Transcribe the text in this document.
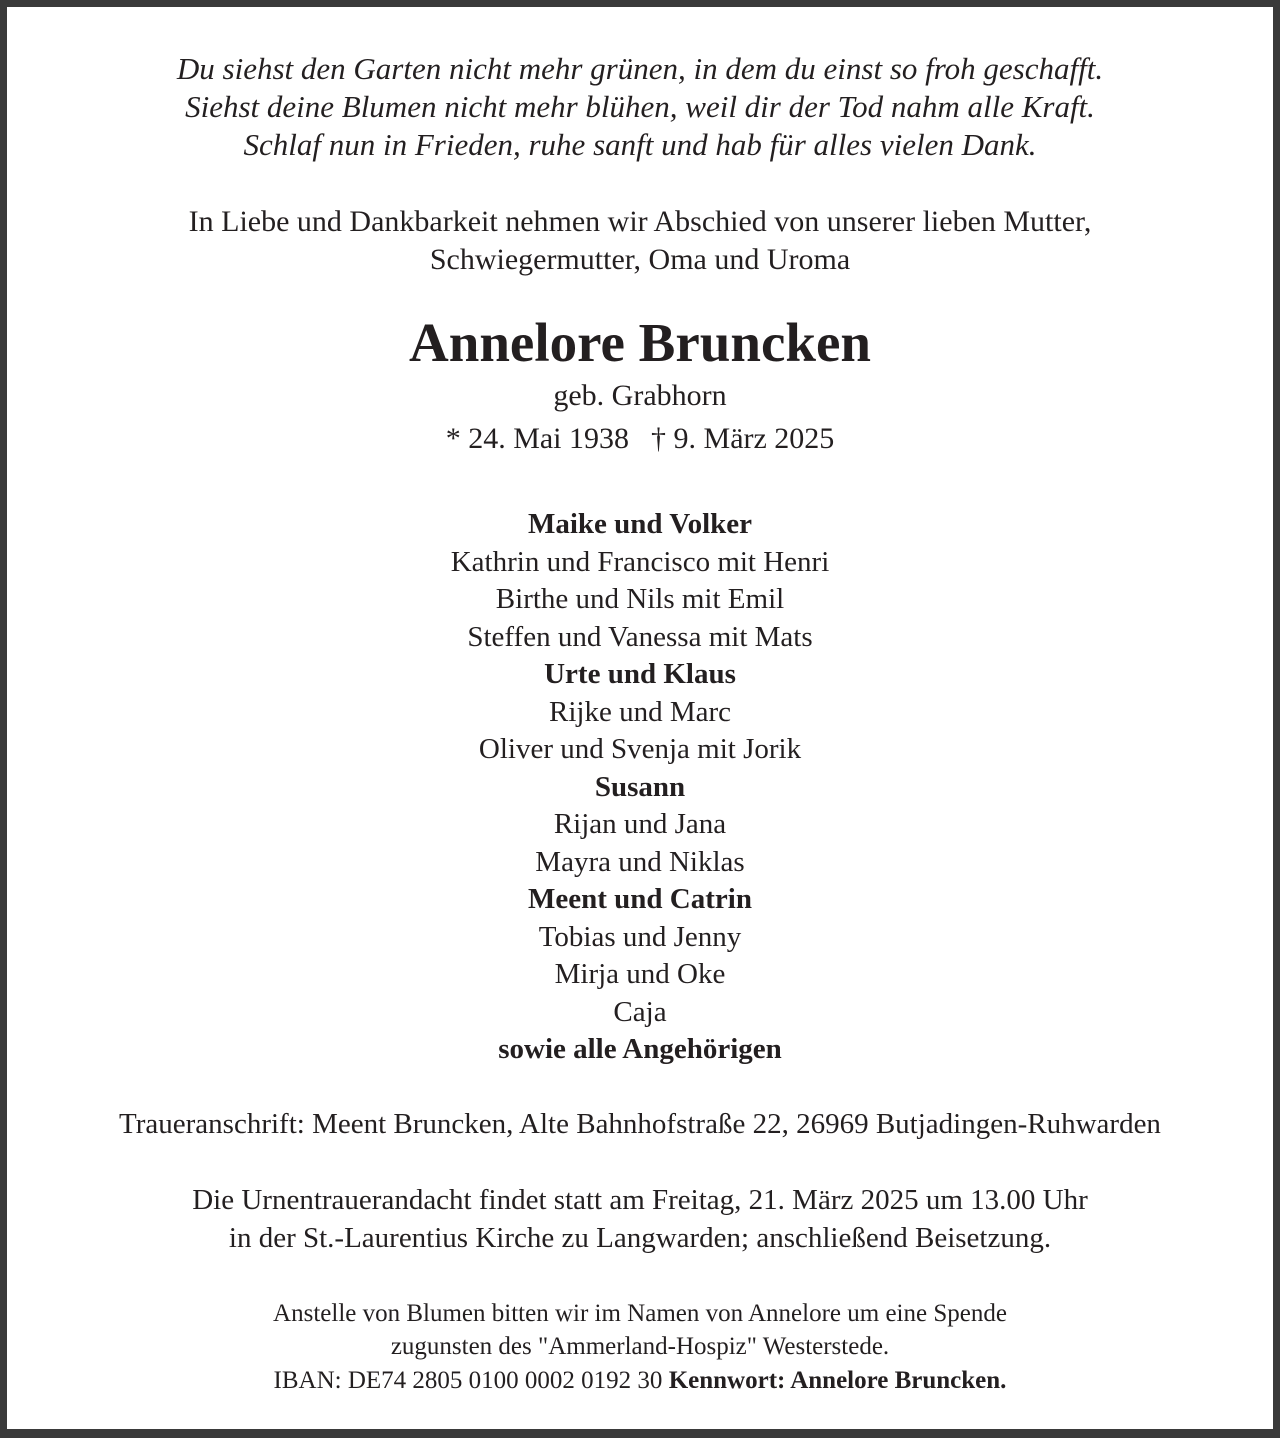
Du siehst den Garten nicht mehr grünen, in dem du einst so froh geschafft.
Siehst deine Blumen nicht mehr blühen, weil dir der Tod nahm alle Kraft.
Schlaf nun in Frieden, ruhe sanft und hab für alles vielen Dank.
In Liebe und Dankbarkeit nehmen wir Abschied von unserer lieben Mutter,
Schwiegermutter, Oma und Uroma
Annelore Bruncken
geb. Grabhorn
* 24. Mai 1938 † 9. März 2025
Maike und Volker
Kathrin und Francisco mit Henri
Birthe und Nils mit Emil
Steffen und Vanessa mit Mats
Urte und Klaus
Rijke und Marc
Oliver und Svenja mit Jorik
Susann
Rijan und Jana
Mayra und Niklas
Meent und Catrin
Tobias und Jenny
Mirja und Oke
Caja
sowie alle Angehörigen
Traueranschrift: Meent Bruncken, Alte Bahnhofstraße 22, 26969 Butjadingen-Ruhwarden
Die Urnentrauerandacht findet statt am Freitag, 21. März 2025 um 13.00 Uhr
in der St.-Laurentius Kirche zu Langwarden; anschließend Beisetzung.
Anstelle von Blumen bitten wir im Namen von Annelore um eine Spende
zugunsten des "Ammerland-Hospiz" Westerstede.
IBAN: DE74 2805 0100 0002 0192 30 Kennwort: Annelore Bruncken.
